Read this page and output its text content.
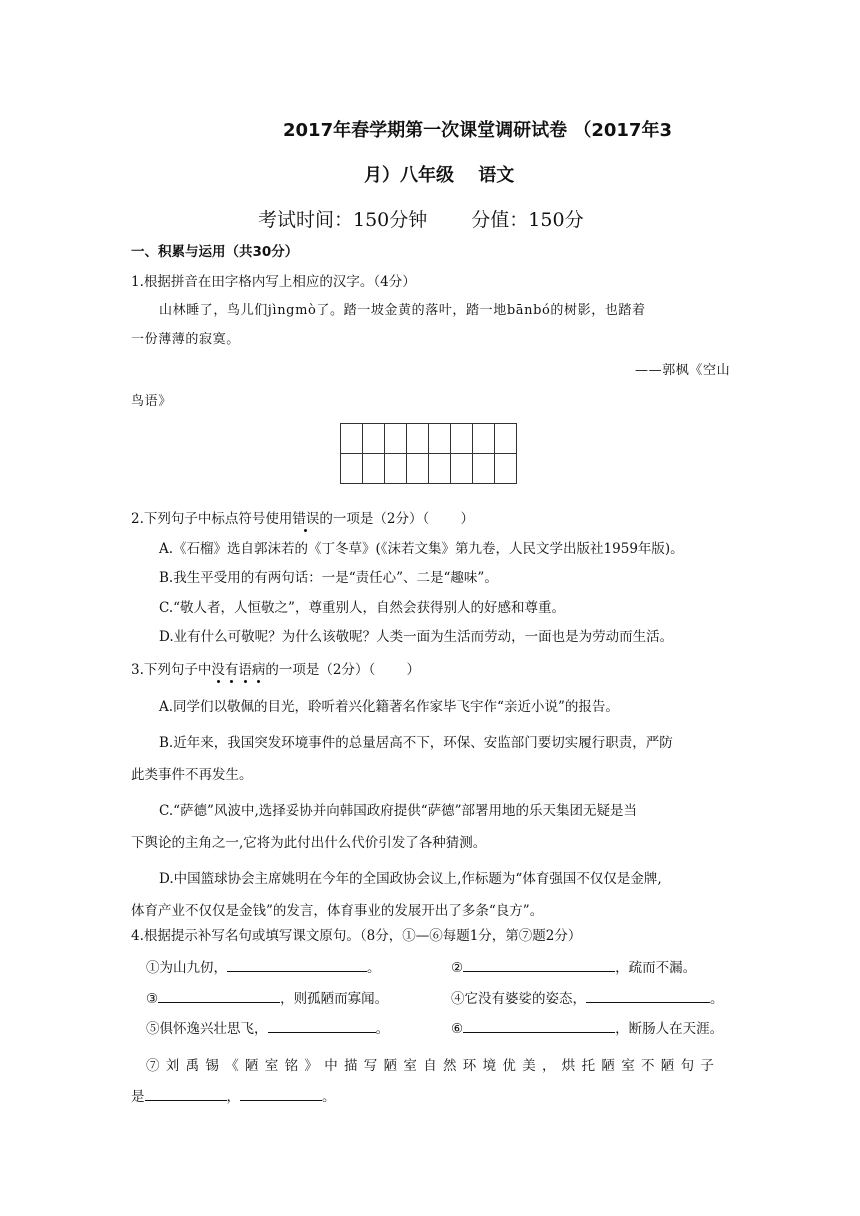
2017年春学期第一次课堂调研试卷 （2017年3
月）八年级　 语文
考试时间：150分钟　　 分值：150分
一、积累与运用（共30分）
1.根据拼音在田字格内写上相应的汉字。（4分）
山林睡了，鸟儿们jìngmò了。踏一坡金黄的落叶，踏一地bānbó的树影，也踏着
一份薄薄的寂寞。
——郭枫《空山
鸟语》

2.下列句子中标点符号使用错误的一项是（2分）（　　 ）
A.《石榴》选自郭沫若的《丁冬草》(《沫若文集》第九卷，人民文学出版社1959年版)。
B.我生平受用的有两句话：一是“责任心”、二是“趣味”。
C.“敬人者，人恒敬之”，尊重别人，自然会获得别人的好感和尊重。
D.业有什么可敬呢？为什么该敬呢？人类一面为生活而劳动，一面也是为劳动而生活。
3.下列句子中没有语病的一项是（2分）（　　 ）
A.同学们以敬佩的目光，聆听着兴化籍著名作家毕飞宇作“亲近小说”的报告。
B.近年来，我国突发环境事件的总量居高不下，环保、安监部门要切实履行职责，严防
此类事件不再发生。
C.“萨德”风波中,选择妥协并向韩国政府提供“萨德”部署用地的乐天集团无疑是当
下舆论的主角之一,它将为此付出什么代价引发了各种猜测。
D.中国篮球协会主席姚明在今年的全国政协会议上,作标题为“体育强国不仅仅是金牌,
体育产业不仅仅是金钱”的发言，体育事业的发展开出了多条“良方”。
4.根据提示补写名句或填写课文原句。（8分，①—⑥每题1分，第⑦题2分）
①为山九仞，	。	②	，疏而不漏。
③	，则孤陋而寡闻。	④它没有婆娑的姿态，	。
⑤俱怀逸兴壮思飞，	。	⑥	，断肠人在天涯。
⑦刘禹锡《陋室铭》中描写陋室自然环境优美，烘托陋室不陋句子
是	，	。
